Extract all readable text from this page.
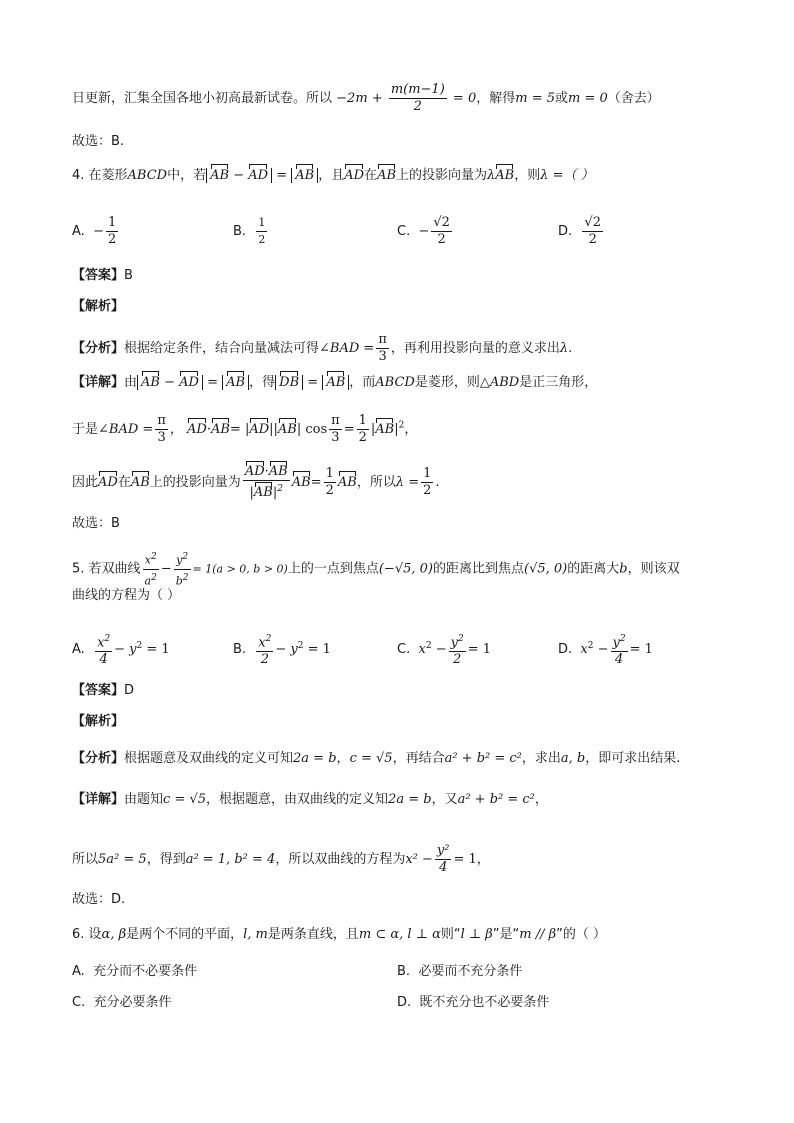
日更新，汇集全国各地小初高最新试卷。所以 $-2m + \frac{m(m-1)}{2} = 0$，解得m = 5或m = 0（舍去）
故选：B.
4. 在菱形ABCD中，若 AB − AD = AB ，且AD在AB上的投影向量为λAB，则λ =（ ）
A. − $\frac{1}{2}$	B. $\frac{1}{2}$	C. − $\frac{√2}{2}$	D. $\frac{√2}{2}$
【答案】B
【解析】
【分析】根据给定条件，结合向量减法可得∠BAD = $\frac{\pi}{3}$ ，再利用投影向量的意义求出λ.
【详解】由 AB − AD = AB ，得 DB = AB ，而ABCD是菱形，则△ABD是正三角形，
于是∠BAD = $\frac{\pi}{3}$ ， AD·AB= |AD||AB| $\cos \frac{\pi}{3} = \frac{1}{2} |AB|^2$，
因此AD在AB上的投影向量为 $\frac{AD\cdot AB}{|AB|^2} AB= \frac{1}{2}$ AB，所以$\lambda = \frac{1}{2}$ .
故选：B
5. 若双曲线 $\frac{x^2}{a^2} - \frac{y^2}{b^2} = 1(a > 0$, b > 0)上的一点到焦点(−√5, 0)的距离比到焦点(√5, 0)的距离大b，则该双
曲线的方程为（ ）
A. $\frac{x^2}{4} - y^2 = 1$	B. $\frac{x^2}{2} - y^2 = 1$	C. $x^2 - \frac{y^2}{2} = 1$	D. $x^2 - \frac{y^2}{4} = 1$
【答案】D
【解析】
【分析】根据题意及双曲线的定义可知2a = b，c = √5，再结合a² + b² = c²，求出a, b，即可求出结果.
【详解】由题知c = √5，根据题意，由双曲线的定义知2a = b，又a² + b² = c²，
所以5a² = 5，得到a² = 1, b² = 4，所以双曲线的方程为$x^2 - \frac{\text{y²}}{4} = 1$，
故选：D.
6. 设α, β是两个不同的平面，l, m是两条直线，且m ⊂ α, l ⊥ α则“l ⊥ β”是“m // β”的（ ）
A. 充分而不必要条件	B. 必要而不充分条件
C. 充分必要条件	D. 既不充分也不必要条件
